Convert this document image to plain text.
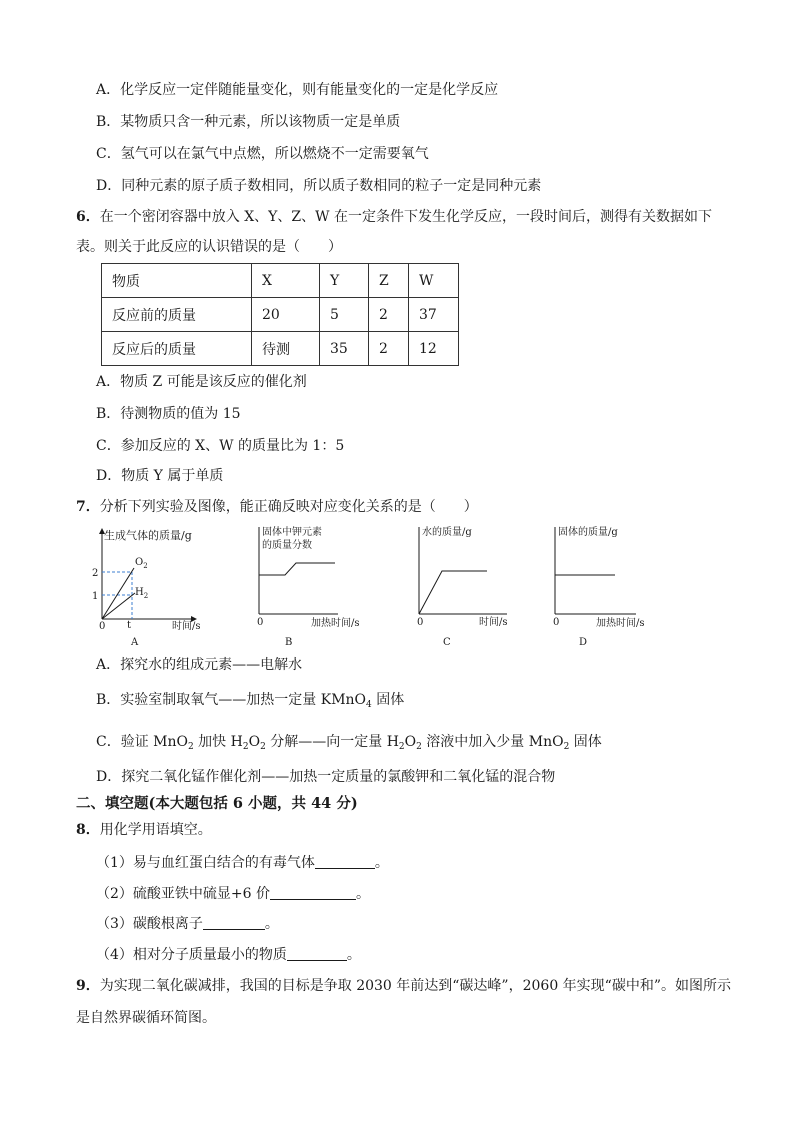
A．化学反应一定伴随能量变化，则有能量变化的一定是化学反应
B．某物质只含一种元素，所以该物质一定是单质
C．氢气可以在氯气中点燃，所以燃烧不一定需要氧气
D．同种元素的原子质子数相同，所以质子数相同的粒子一定是同种元素
6．在一个密闭容器中放入 X、Y、Z、W 在一定条件下发生化学反应，一段时间后，测得有关数据如下
表。则关于此反应的认识错误的是（　　）
物质	X	Y	Z	W
反应前的质量	20	5	2	37
反应后的质量	待测	35	2	12
A．物质 Z 可能是该反应的催化剂
B．待测物质的值为 15
C．参加反应的 X、W 的质量比为 1：5
D．物质 Y 属于单质
7．分析下列实验及图像，能正确反映对应变化关系的是（　　）
生成气体的质量/g
2
1
$O_2$
$H_2$
0 t	时间/s
A
固体中钾元素
的质量分数
0	加热时间/s
B
水的质量/g
0	时间/s
C
固体的质量/g
0	加热时间/s
D
A．探究水的组成元素——电解水
B．实验室制取氧气——加热一定量 KMnO$_4$ 固体
C．验证 MnO$_2$ 加快 $H_2O_2$ 分解——向一定量 $H_2O_2$ 溶液中加入少量 MnO$_2$ 固体
D．探究二氧化锰作催化剂——加热一定质量的氯酸钾和二氧化锰的混合物
二、填空题(本大题包括 6 小题，共 44 分)
8．用化学用语填空。
（1）易与血红蛋白结合的有毒气体	。
（2）硫酸亚铁中硫显+6 价	。
（3）碳酸根离子	。
（4）相对分子质量最小的物质	。
9．为实现二氧化碳减排，我国的目标是争取 2030 年前达到“碳达峰”，2060 年实现“碳中和”。如图所示
是自然界碳循环简图。
